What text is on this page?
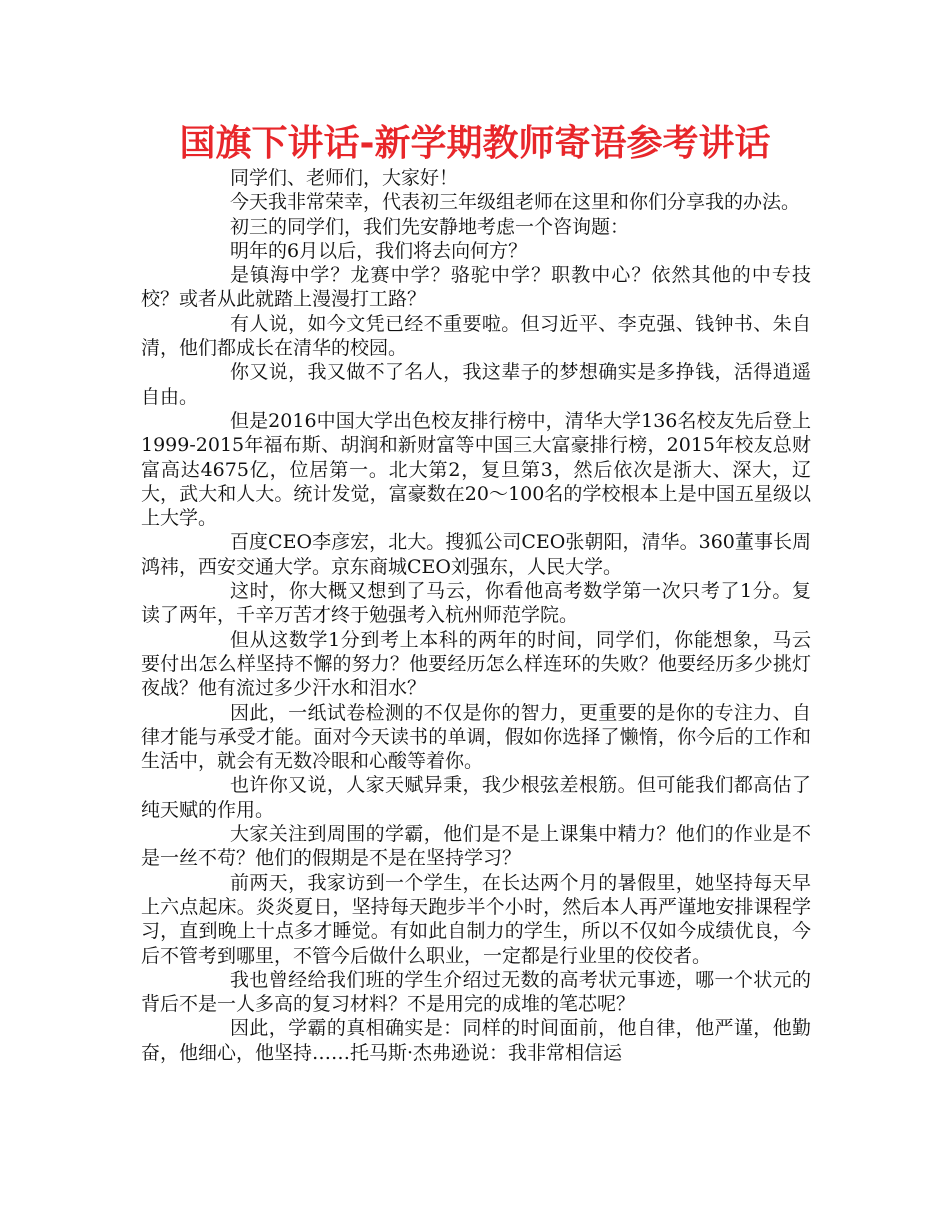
国旗下讲话-新学期教师寄语参考讲话

同学们、老师们，大家好！

今天我非常荣幸，代表初三年级组老师在这里和你们分享我的办法。

初三的同学们，我们先安静地考虑一个咨询题：

明年的6月以后，我们将去向何方？

是镇海中学？龙赛中学？骆驼中学？职教中心？依然其他的中专技校？或者从此就踏上漫漫打工路？

有人说，如今文凭已经不重要啦。但习近平、李克强、钱钟书、朱自清，他们都成长在清华的校园。

你又说，我又做不了名人，我这辈子的梦想确实是多挣钱，活得逍遥自由。

但是2016中国大学出色校友排行榜中，清华大学136名校友先后登上1999-2015年福布斯、胡润和新财富等中国三大富豪排行榜，2015年校友总财富高达4675亿，位居第一。北大第2，复旦第3，然后依次是浙大、深大，辽大，武大和人大。统计发觉，富豪数在20～100名的学校根本上是中国五星级以上大学。

百度CEO李彦宏，北大。搜狐公司CEO张朝阳，清华。360董事长周鸿祎，西安交通大学。京东商城CEO刘强东，人民大学。

这时，你大概又想到了马云，你看他高考数学第一次只考了1分。复读了两年，千辛万苦才终于勉强考入杭州师范学院。

但从这数学1分到考上本科的两年的时间，同学们，你能想象，马云要付出怎么样坚持不懈的努力？他要经历怎么样连环的失败？他要经历多少挑灯夜战？他有流过多少汗水和泪水？

因此，一纸试卷检测的不仅是你的智力，更重要的是你的专注力、自律才能与承受才能。面对今天读书的单调，假如你选择了懒惰，你今后的工作和生活中，就会有无数冷眼和心酸等着你。

也许你又说，人家天赋异秉，我少根弦差根筋。但可能我们都高估了纯天赋的作用。

大家关注到周围的学霸，他们是不是上课集中精力？他们的作业是不是一丝不苟？他们的假期是不是在坚持学习？

前两天，我家访到一个学生，在长达两个月的暑假里，她坚持每天早上六点起床。炎炎夏日，坚持每天跑步半个小时，然后本人再严谨地安排课程学习，直到晚上十点多才睡觉。有如此自制力的学生，所以不仅如今成绩优良，今后不管考到哪里，不管今后做什么职业，一定都是行业里的佼佼者。

我也曾经给我们班的学生介绍过无数的高考状元事迹，哪一个状元的背后不是一人多高的复习材料？不是用完的成堆的笔芯呢？

因此，学霸的真相确实是：同样的时间面前，他自律，他严谨，他勤奋，他细心，他坚持……托马斯·杰弗逊说：我非常相信运
